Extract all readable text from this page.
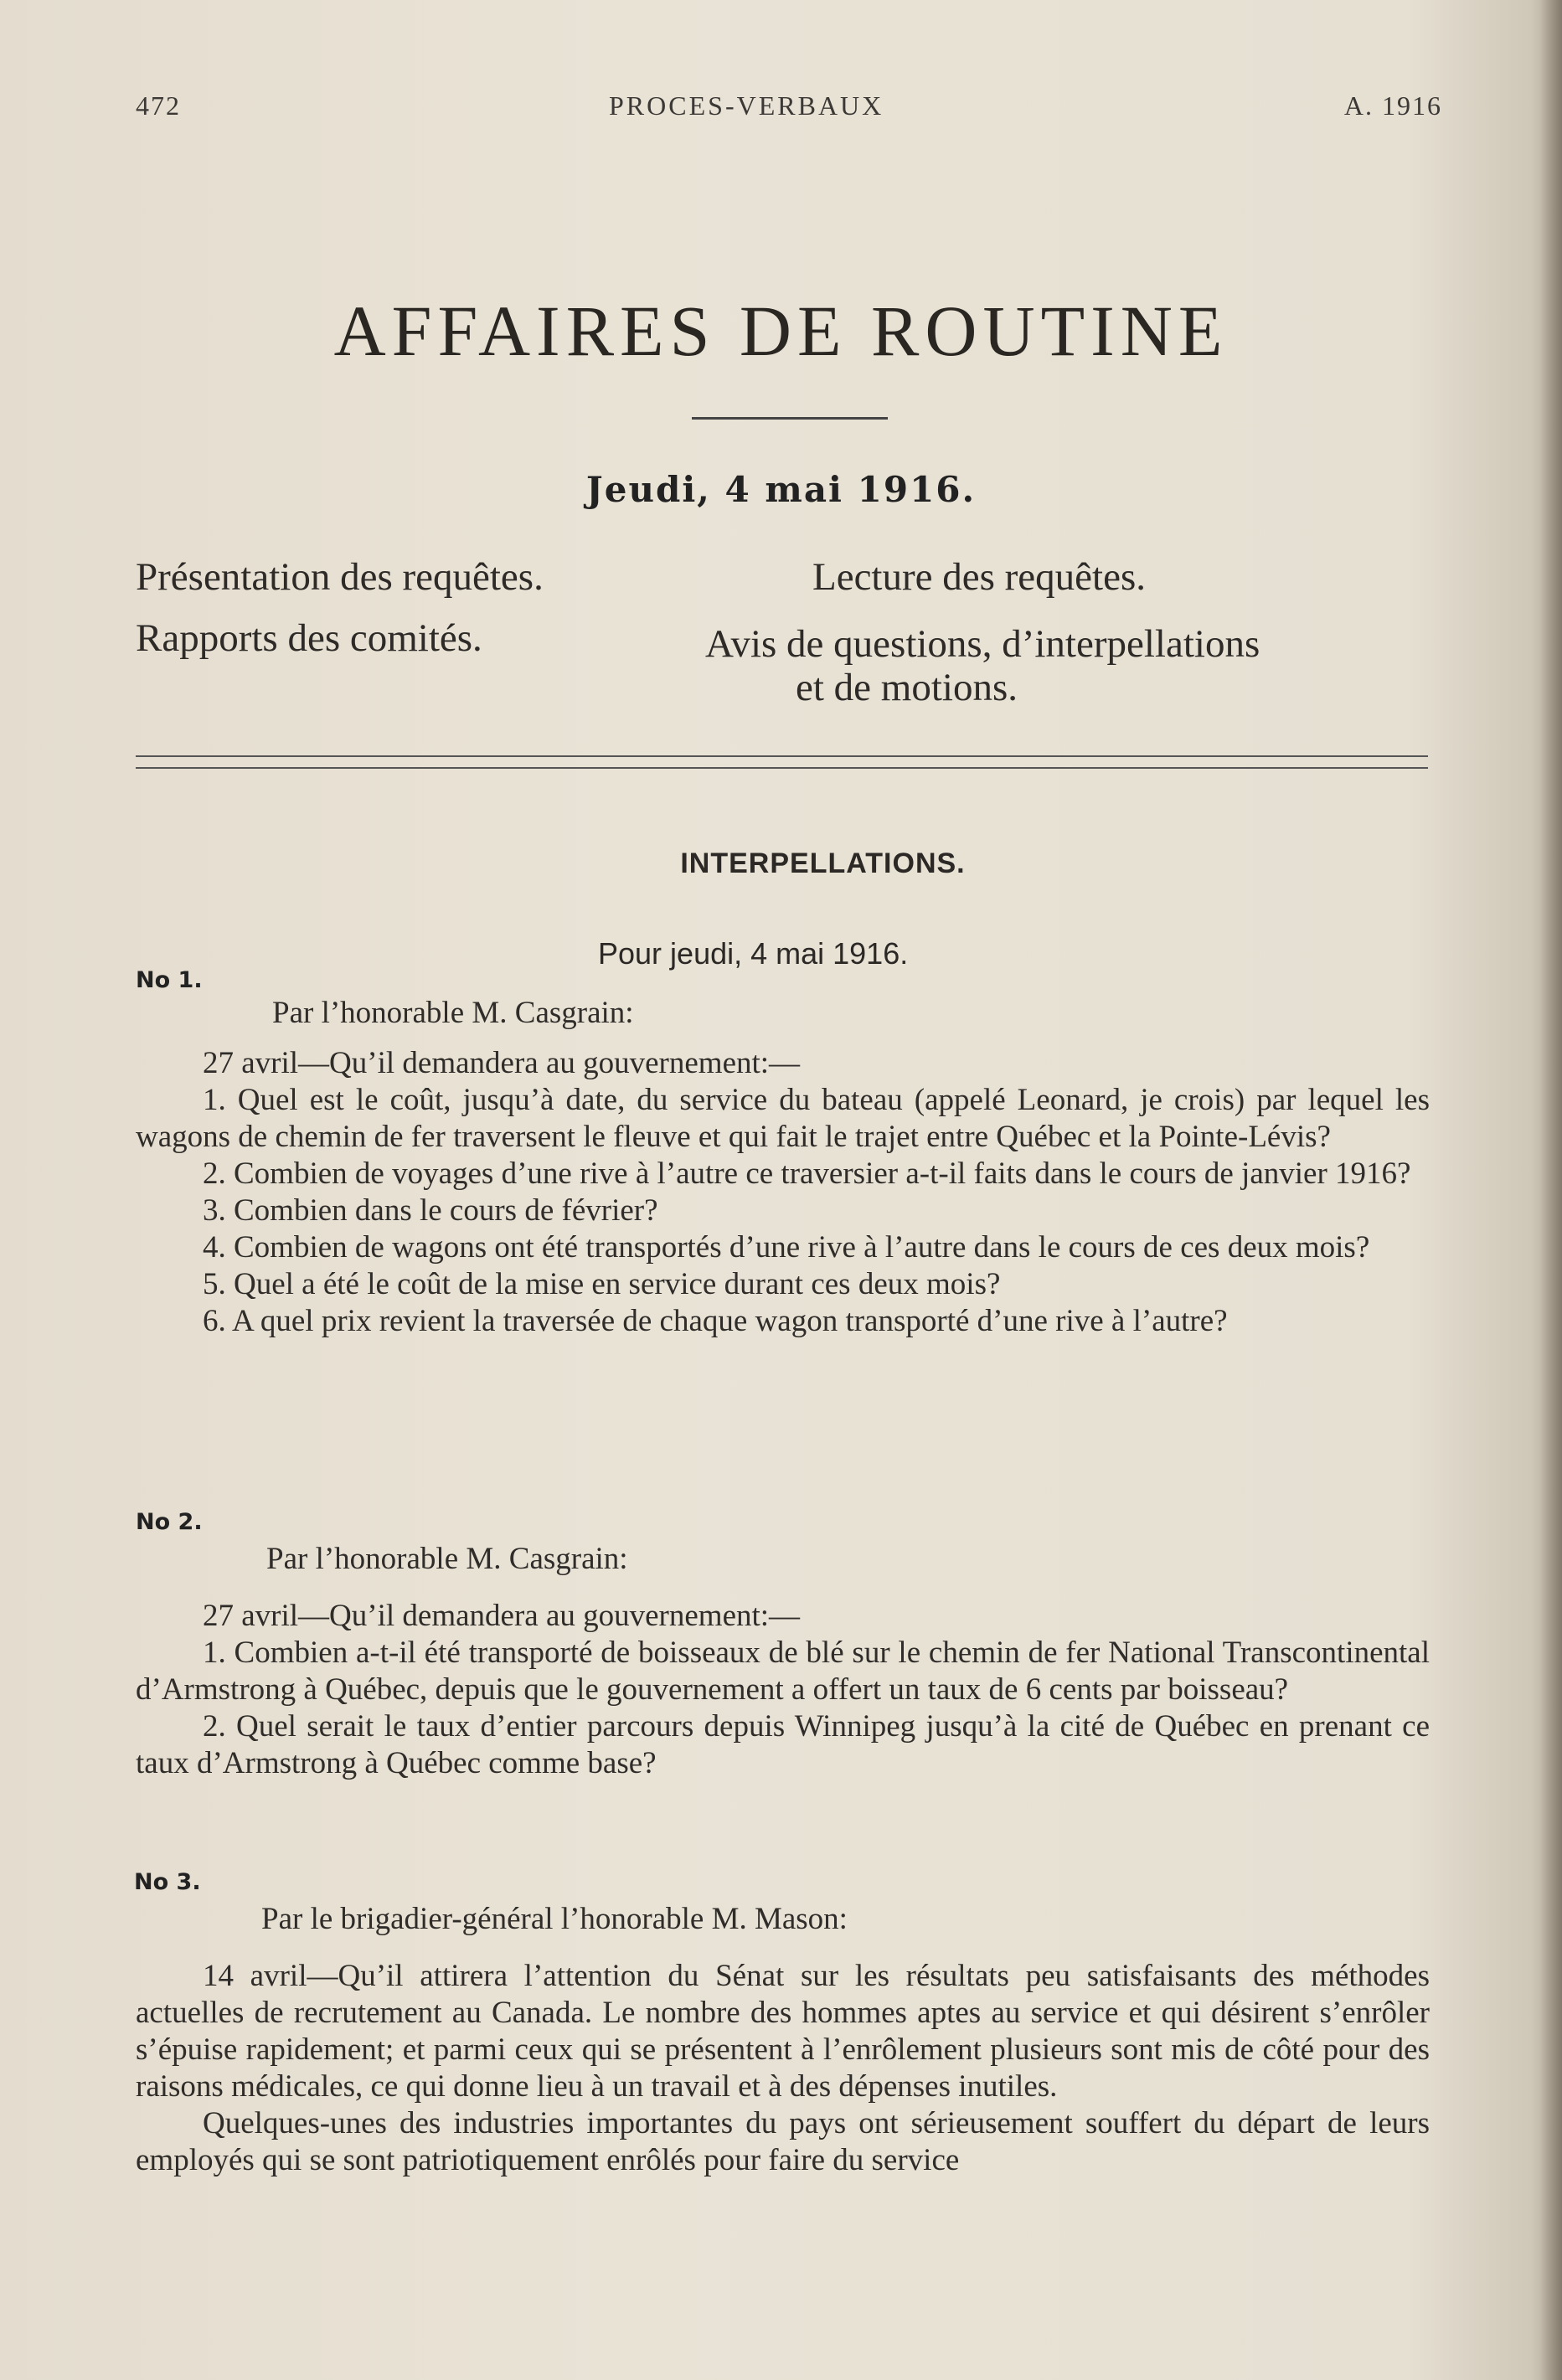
472	PROCES-VERBAUX	A. 1916
AFFAIRES DE ROUTINE
Jeudi, 4 mai 1916.
Présentation des requêtes.
Rapports des comités.
Lecture des requêtes.
Avis de questions, d’interpellations
et de motions.
INTERPELLATIONS.
Pour jeudi, 4 mai 1916.
No 1.
Par l’honorable M. Casgrain:
27 avril—Qu’il demandera au gouvernement:—
1. Quel est le coût, jusqu’à date, du service du bateau (appelé Leonard, je crois) par lequel les wagons de chemin de fer traversent le fleuve et qui fait le trajet entre Québec et la Pointe-Lévis?
2. Combien de voyages d’une rive à l’autre ce traversier a-t-il faits dans le cours de janvier 1916?
3. Combien dans le cours de février?
4. Combien de wagons ont été transportés d’une rive à l’autre dans le cours de ces deux mois?
5. Quel a été le coût de la mise en service durant ces deux mois?
6. A quel prix revient la traversée de chaque wagon transporté d’une rive à l’autre?
No 2.
Par l’honorable M. Casgrain:
27 avril—Qu’il demandera au gouvernement:—
1. Combien a-t-il été transporté de boisseaux de blé sur le chemin de fer National Transcontinental d’Armstrong à Québec, depuis que le gouvernement a offert un taux de 6 cents par boisseau?
2. Quel serait le taux d’entier parcours depuis Winnipeg jusqu’à la cité de Québec en prenant ce taux d’Armstrong à Québec comme base?
No 3.
Par le brigadier-général l’honorable M. Mason:
14 avril—Qu’il attirera l’attention du Sénat sur les résultats peu satisfaisants des méthodes actuelles de recrutement au Canada. Le nombre des hommes aptes au service et qui désirent s’enrôler s’épuise rapidement; et parmi ceux qui se présentent à l’enrôlement plusieurs sont mis de côté pour des raisons médicales, ce qui donne lieu à un travail et à des dépenses inutiles.
Quelques-unes des industries importantes du pays ont sérieusement souffert du départ de leurs employés qui se sont patriotiquement enrôlés pour faire du service
